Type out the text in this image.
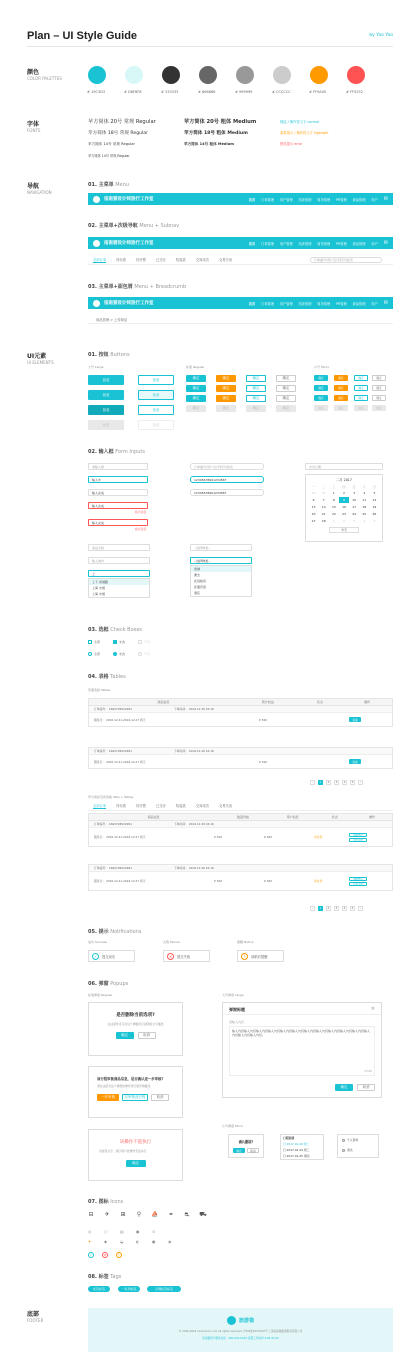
Plan – UI Style Guide	by Yao Yao
颜色
COLOR PALETTES
# 19C3D3	# D8F8F8	# 333333	# 666666	# 999999	# CCCCCC	# FF9A00	# FF5252
字体
FONTS
苹方简体 20号 常规 Regular
苹方简体 18号 常规 Regular
苹方简体 14号 常规 Regular
苹方简体 14号 常规 Regular
苹方简体 20号 粗体 Medium
苹方简体 18号 粗体 Medium
苹方简体 14号 粗体 Medium
链接 / 操作按文字 normal
重要提示 / 操作按文字 highlight
错误提示 error
导航
NAVIGATION
01. 主菜单 Menu
指南猫设计师旅行工作室	首页 订单管理 用户管理 结伴管理 财务管理 PR管理 商品管理 用户 ✉
02. 主菜单+次级导航 Menu + Subnav
指南猫设计师旅行工作室	首页 订单管理 用户管理 结伴管理 财务管理 PR管理 商品管理 用户 ✉
全部订单	待付款	待开票	已交付	待退款	交易成功	交易关闭	订单编号/用户名/手机号/姓名
03. 主菜单+面包屑 Menu + Breadcrumb
指南猫设计师旅行工作室	首页 订单管理 用户管理 结伴管理 财务管理 PR管理 商品管理 用户 ✉
商品管理 > 上传商品
UI元素
UI ELEMENTS
01. 按钮 Buttons
大号 Large	标准 Regular	小号 Micro
登录
登录
登录
登录
登录
登录
登录
登录
确定
确定
确定
确定
确定
确定
确定
确定
确定
确定
确定
确定
确定
确定
确定
确定
确定
确定
确定
确定
确定
确定
确定
确定
确定
确定
确定
确定
确定
确定
确定
确定
02. 输入框 Form Inputs
请输入框
输入中
输入完成
输入完成
格式有误
输入完成
格式有误
订单编号/用户名/手机号/姓名
12345678901234567
12345678901234567
出发日期
二月 2017
一	二	三	四	五	六	日
30	31	1	2	3	4	5
6	7	8	9	10	11	12
13	14	15	16	17	18	19
20	21	22	23	24	25	26
27	28	1	2	3	4	5
今天
商品名称
输入城市
上
上下 香港路
上海 中国
上海 中国
--选择种类--
--选择种类--
香港
澳去
在线租房
佳通宾馆
酒店
03. 选框 Check Boxes
全部	未选	不可
全部	未选	不可
04. 表格 Tables
普通表格 Tables
商品信息	预计收益	状态	操作
订单编号： 1660728022961	下单时间： 2016.12.26 16:16
服务日： 2016.12.21-2016.12.27 两天	¥ 360	查看
订单编号： 1660728022961	下单时间： 2016.12.26 16:16
服务日： 2016.12.21-2016.12.27 两天	¥ 360	查看
‹	1	2	3	4	5	›
带分类标签的表格 Tabs + Tables
全部订单	待付款	待开票	已交付	待退款	交易成功	交易关闭
商品信息	数量价格	用户信息	状态	操作
订单编号： 1660728022961	下单时间： 2016.12.26 16:16
服务日： 2016.12.21-2016.12.27 两天	¥ 360	¥ 360	待付款	编辑费用
查看详情
订单编号： 1660728022961	下单时间： 2016.12.26 16:16
服务日： 2016.12.21-2016.12.27 两天	¥ 360	¥ 360	待付款	编辑费用
查看详情
‹	1	2	3	4	5	›
05. 提示 Notifications
成功 Success	失败 Failure	提醒 Notice
✓	提交成功	×	提交失败	!	请稍后提醒
06. 弹窗 Popups
标准弹窗 Regular	大号弹窗 Large
是否删除当前选项?
在这里你可以对这个弹窗进行说明的文字描述
确定	取消
该行程审核商品信息，是否确认进一步审核?
请在这里对这个弹窗的操作进行更详细描述
一并审核	仅审核此行程	取消
该操作不能执行
该按钮文字，提示用户此操作无法执行
确定
弹窗标题	×
请输入内容
输入内容输入内容输入内容输入内容输入内容输入内容输入内容输入内容输入内容输入内容输入内容输入内容输入内容输入内容。
0/500
确定	取消
小号弹窗 Micro
确认删除?
确定	取消
日期选项
日 2017-01-20 周二
日 2017-01-24 周三
日 2017-01-25 周四
个人资料
退出
07. 图标 Icons
⊟ ✈ ⊞ ⚲ ⛵ ⚭ ⛐ ⛟
◎	○	▤	●	⊙
◉
✦	◆	◒	◐	●
✓	×	!
08. 标签 Tags
标签标签	一系列标签	示例标签标签
底部
FOOTER	旅游猫
© 2016-2018 xxxxxxxxx.com all rights reserved. 沪ICP备XXXXXXX号 上海指南猫旅游服务有限公司
指南猫用户服务热线：400-XXX-XXXX 客服工作时间 9:00-21:00
